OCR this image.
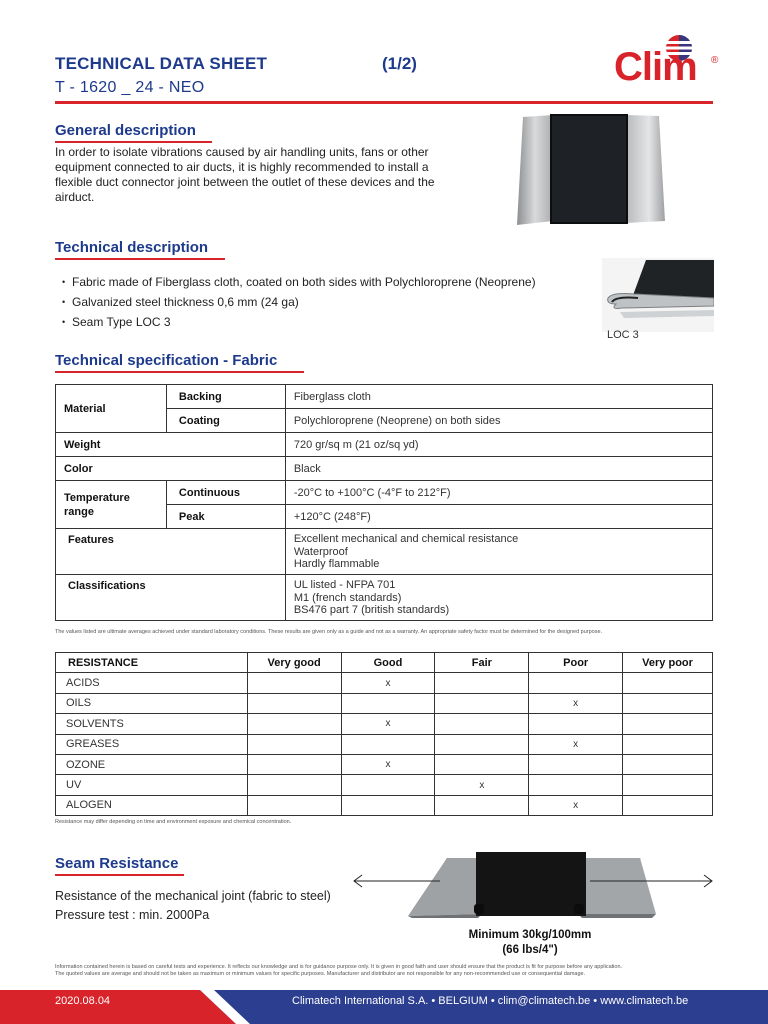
TECHNICAL DATA SHEET	(1/2)
T - 1620 _ 24 - NEO	Clim ®
General description
In order to isolate vibrations caused by air handling units, fans or other
equipment connected to air ducts, it is highly recommended to install a
flexible duct connector joint between the outlet of these devices and the
airduct.
Technical description
• Fabric made of Fiberglass cloth, coated on both sides with Polychloroprene (Neoprene)
• Galvanized steel thickness 0,6 mm (24 ga)
• Seam Type LOC 3
LOC 3
Technical specification - Fabric
Material	Backing	Fiberglass cloth
	Coating	Polychloroprene (Neoprene) on both sides
Weight		720 gr/sq m (21 oz/sq yd)
Color		Black

Temperature
range	Continuous	-20°C to +100°C (-4°F to 212°F)
	Peak	+120°C (248°F)
Features		Excellent mechanical and chemical resistance
Waterproof
Hardly flammable

Classifications		UL listed - NFPA 701
M1 (french standards)
BS476 part 7 (british standards)
The values listed are ultimate averages achieved under standard laboratory conditions. These results are given only as a guide and not as a warranty. An appropriate safety factor must be determined for the designed purpose.
RESISTANCE	Very good	Good	Fair	Poor	Very poor
ACIDS		x			
OILS				x	
SOLVENTS		x			
GREASES				x	
OZONE		x			
UV			x		
ALOGEN				x	
Resistance may differ depending on time and environment exposure and chemical concentration.
Seam Resistance
Resistance of the mechanical joint (fabric to steel)
Pressure test : min. 2000Pa
Minimum 30kg/100mm
(66 lbs/4")
Information contained herein is based on careful tests and experience. It reflects our knowledge and is for guidance purpose only. It is given in good faith and user should ensure that the product is fit for purpose before any application.
The quoted values are average and should not be taken as maximum or minimum values for specific purposes. Manufacturer and distributor are not responsible for any non-recommended use or consequential damage.
2020.08.04	Climatech International S.A. • BELGIUM • clim@climatech.be • www.climatech.be
